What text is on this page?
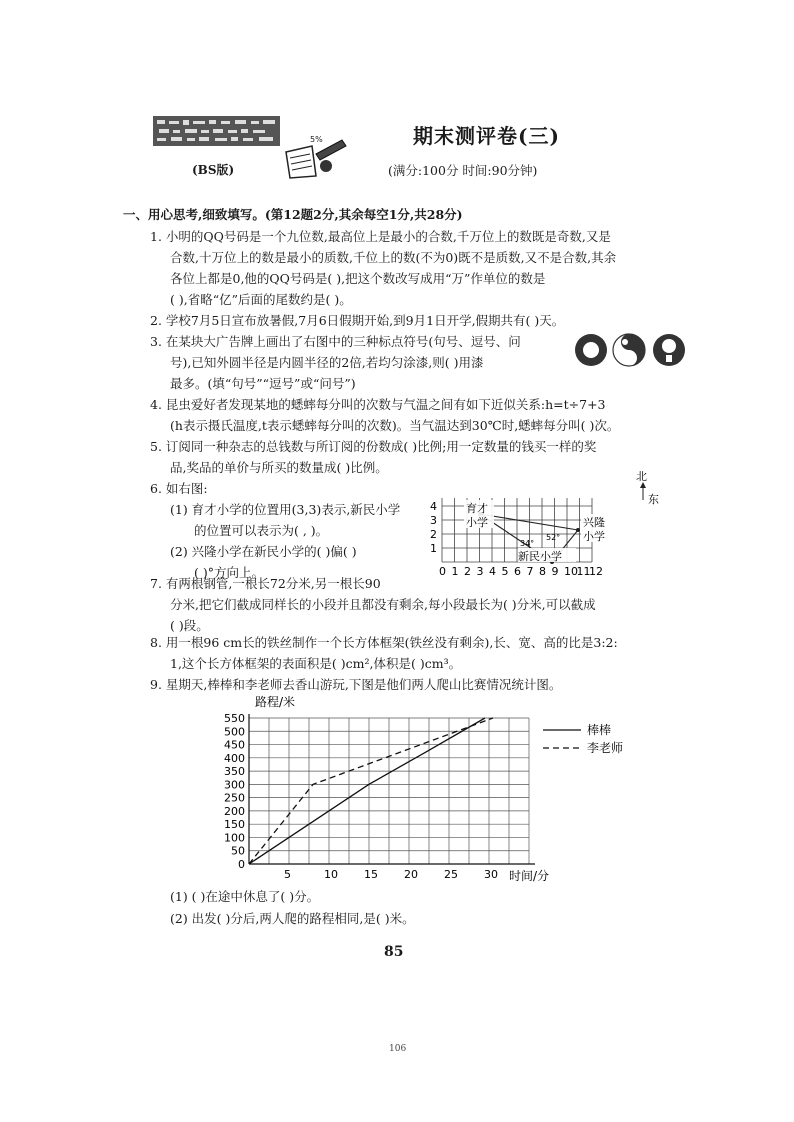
5%	期末测评卷(三)
(BS版)	(满分:100分 时间:90分钟)
一、用心思考,细致填写。(第12题2分,其余每空1分,共28分)
1. 小明的QQ号码是一个九位数,最高位上是最小的合数,千万位上的数既是奇数,又是
合数,十万位上的数是最小的质数,千位上的数(不为0)既不是质数,又不是合数,其余
各位上都是0,他的QQ号码是( ),把这个数改写成用“万”作单位的数是
( ),省略“亿”后面的尾数约是( )。
2. 学校7月5日宣布放暑假,7月6日假期开始,到9月1日开学,假期共有( )天。
3. 在某块大广告牌上画出了右图中的三种标点符号(句号、逗号、问
号),已知外圆半径是内圆半径的2倍,若均匀涂漆,则( )用漆
最多。(填“句号”“逗号”或“问号”)
4. 昆虫爱好者发现某地的蟋蟀每分叫的次数与气温之间有如下近似关系:h=t÷7+3
(h表示摄氏温度,t表示蟋蟀每分叫的次数)。当气温达到30℃时,蟋蟀每分叫( )次。
5. 订阅同一种杂志的总钱数与所订阅的份数成( )比例;用一定数量的钱买一样的奖
品,奖品的单价与所买的数量成( )比例。
6. 如右图:
(1) 育才小学的位置用(3,3)表示,新民小学
的位置可以表示为( , )。
(2) 兴隆小学在新民小学的( )偏( )
( )°方向上。	0 1 2 3 4 5 6 7 8 9 10
11
12
1
2
3
4
北
东
育才
小学	兴隆
小学
新民小学
34°
52°
7. 有两根钢管,一根长72分米,另一根长90
分米,把它们截成同样长的小段并且都没有剩余,每小段最长为( )分米,可以截成
( )段。
8. 用一根96 cm长的铁丝制作一个长方体框架(铁丝没有剩余),长、宽、高的比是3:2:
1,这个长方体框架的表面积是( )cm²,体积是( )cm³。
9. 星期天,棒棒和李老师去香山游玩,下图是他们两人爬山比赛情况统计图。
路程/米
时间/分
5	10 15 20 25 30
0
50
100
150
200
250
300
350
400
450
500
550
棒棒
李老师
(1) ( )在途中休息了( )分。
(2) 出发( )分后,两人爬的路程相同,是( )米。
85
106
